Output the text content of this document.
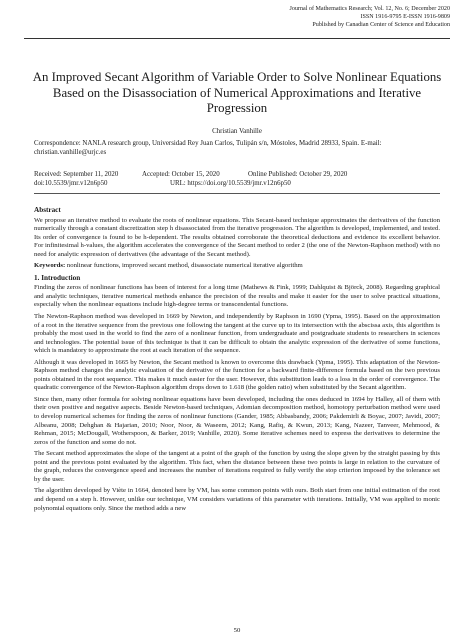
Journal of Mathematics Research; Vol. 12, No. 6; December 2020
ISSN 1916-9795 E-ISSN 1916-9809
Published by Canadian Center of Science and Education
An Improved Secant Algorithm of Variable Order to Solve Nonlinear Equations Based on the Disassociation of Numerical Approximations and Iterative Progression
Christian Vanhille
Correspondence: NANLA research group, Universidad Rey Juan Carlos, Tulipán s/n, Móstoles, Madrid 28933, Spain. E-mail: christian.vanhille@urjc.es
Received: September 11, 2020	Accepted: October 15, 2020	Online Published: October 29, 2020
doi:10.5539/jmr.v12n6p50	URL: https://doi.org/10.5539/jmr.v12n6p50
Abstract

We propose an iterative method to evaluate the roots of nonlinear equations. This Secant-based technique approximates the derivatives of the function numerically through a constant discretization step h disassociated from the iterative progression. The algorithm is developed, implemented, and tested. Its order of convergence is found to be h-dependent. The results obtained corroborate the theoretical deductions and evidence its excellent behavior. For infinitesimal h-values, the algorithm accelerates the convergence of the Secant method to order 2 (the one of the Newton-Raphson method) with no need for analytic expression of derivatives (the advantage of the Secant method).

Keywords: nonlinear functions, improved secant method, disassociate numerical iterative algorithm
1. Introduction

Finding the zeros of nonlinear functions has been of interest for a long time (Mathews & Fink, 1999; Dahlquist & Björck, 2008). Regarding graphical and analytic techniques, iterative numerical methods enhance the precision of the results and make it easier for the user to solve practical situations, especially when the nonlinear equations include high-degree terms or transcendental functions.

The Newton-Raphson method was developed in 1669 by Newton, and independently by Raphson in 1690 (Ypma, 1995). Based on the approximation of a root in the iterative sequence from the previous one following the tangent at the curve up to its intersection with the abscissa axis, this algorithm is probably the most used in the world to find the zero of a nonlinear function, from undergraduate and postgraduate students to researchers in sciences and technologies. The potential issue of this technique is that it can be difficult to obtain the analytic expression of the derivative of some functions, which is mandatory to approximate the root at each iteration of the sequence.

Although it was developed in 1665 by Newton, the Secant method is known to overcome this drawback (Ypma, 1995). This adaptation of the Newton-Raphson method changes the analytic evaluation of the derivative of the function for a backward finite-difference formula based on the two previous points obtained in the root sequence. This makes it much easier for the user. However, this substitution leads to a loss in the order of convergence. The quadratic convergence of the Newton-Raphson algorithm drops down to 1.618 (the golden ratio) when substituted by the Secant algorithm.

Since then, many other formula for solving nonlinear equations have been developed, including the ones deduced in 1694 by Halley, all of them with their own positive and negative aspects. Beside Newton-based techniques, Adomian decomposition method, homotopy perturbation method were used to develop numerical schemes for finding the zeros of nonlinear functions (Gander, 1985; Abbasbandy, 2006; Pakdemirli & Boyac, 2007; Javidi, 2007; Albeanu, 2008; Dehghan & Hajarian, 2010; Noor, Noor, & Waseem, 2012; Kang, Rafiq, & Kwun, 2013; Kang, Nazeer, Tanveer, Mehmood, & Rehman, 2015; McDougall, Wotherspoon, & Barker, 2019; Vanhille, 2020). Some iterative schemes need to express the derivatives to determine the zeros of the function and some do not.

The Secant method approximates the slope of the tangent at a point of the graph of the function by using the slope given by the straight passing by this point and the previous point evaluated by the algorithm. This fact, when the distance between these two points is large in relation to the curvature of the graph, reduces the convergence speed and increases the number of iterations required to fully verify the stop criterion imposed by the tolerance set by the user.

The algorithm developed by Viète in 1664, denoted here by VM, has some common points with ours. Both start from one initial estimation of the root and depend on a step h. However, unlike our technique, VM considers variations of this parameter with iterations. Initially, VM was applied to monic polynomial equations only. Since the method adds a new

50
